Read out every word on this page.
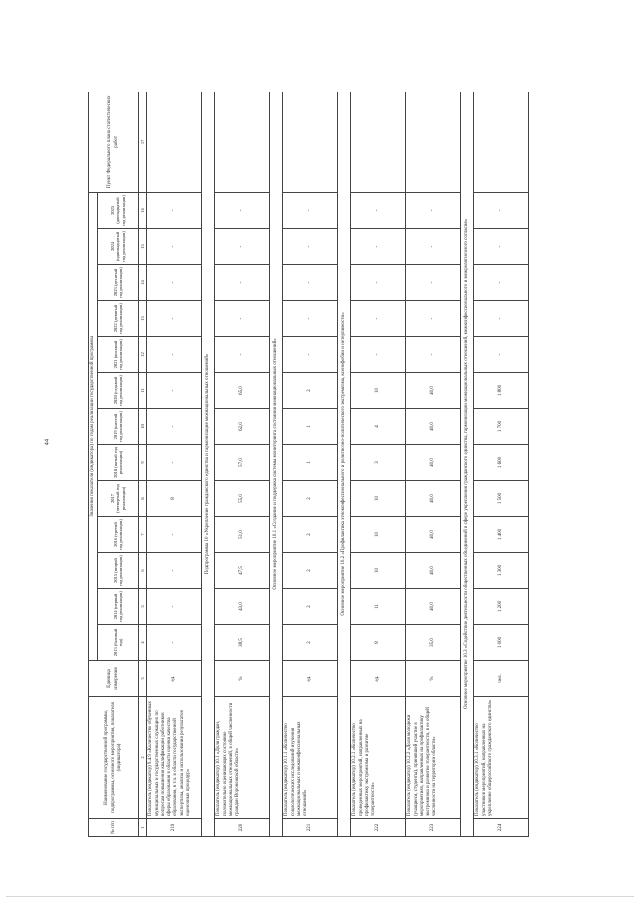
44
№ п/п	Наименование государственной программы, подпрограммы, основного мероприятия, показателя (индикатора)	Единица измерения	Значения показателя (индикатора) по годам реализации государственной программы													Пункт Федерального плана статистических работ
			2013 (базовый год)	2014 (первый год реализации)	2015 (второй год реализации)	2016 (третий год реализации)	2017 (четвертый год реализации)	2018 (пятый год реализации)	2019 (шестой год реализации)	2020 (седьмой год реализации)	2021 (восьмой год реализации)	2022 (девятый год реализации)	2023 (десятый год реализации)	2024 (одиннадцатый год реализации)	2025 (двенадцатый год реализации)	
1	2	3	4	5	6	7	8	9	10	11	12	13	14	15	16	17
219	Показатель (индикатор) 9.4.9 «Количество обученных муниципальных и государственных служащих по вопросам повышения квалификации работников сферы образования в области оценки качества образования, в т.ч. в области государственной экспертизы, анализа и использования результатов оценочных процедур»	ед.	-	-	-	-	8	-	-	-	-	-	-	-	-	
Подпрограмма 10 «Укрепление гражданского единства и гармонизация межнациональных отношений»																
220	Показатель (индикатор) 10.1 «Доля граждан, положительно оценивающих состояние межнациональных отношений, в общей численности граждан Воронежской области»	%	38,5	43,0	47,5	51,0	55,0	57,0	62,0	65,0	-	-	-	-	-	
Основное мероприятие 10.1 «Создание и поддержка системы мониторинга состояния межнациональных отношений»																
221	Показатель (индикатор) 10.1.1 «Количество социологических исследований изучения межнациональных и межконфессиональных отношений»	ед.	2	2	2	2	2	1	1	2	-	-	-	-	-	
Основное мероприятие 10.2 «Профилактика этноконфессионального и религиозно-политического экстремизма, ксенофобии и нетерпимости»																
222	Показатель (индикатор) 10.2.1 «Количество проведенных мероприятий, направленных на профилактику экстремизма и развитие толерантности»	ед.	8	11	10	10	10	3	4	10	-	-	-	-	-	
223	Показатель (индикатор) 10.2.2 «Доля молодежи (учащиеся, студенты), принявшей участие в мероприятиях, направленных на профилактику экстремизма и развитие толерантности, в ее общей численности на территории области»	%	35,0	40,0	40,0	40,0	40,0	40,0	40,0	40,0	-	-	-	-	-	
Основное мероприятие 10.3 «Содействие деятельности общественных объединений в сфере укрепления гражданского единства, гармонизации межнациональных отношений, межконфессионального и межрелигиозного согласия»																
224	Показатель (индикатор) 10.3.1 «Количество участников мероприятий, направленных на укрепление общероссийского гражданского единства»	чел.	1 000	1 200	1 300	1 400	1 500	1 600	1 700	1 800	-	-	-	-	-	
